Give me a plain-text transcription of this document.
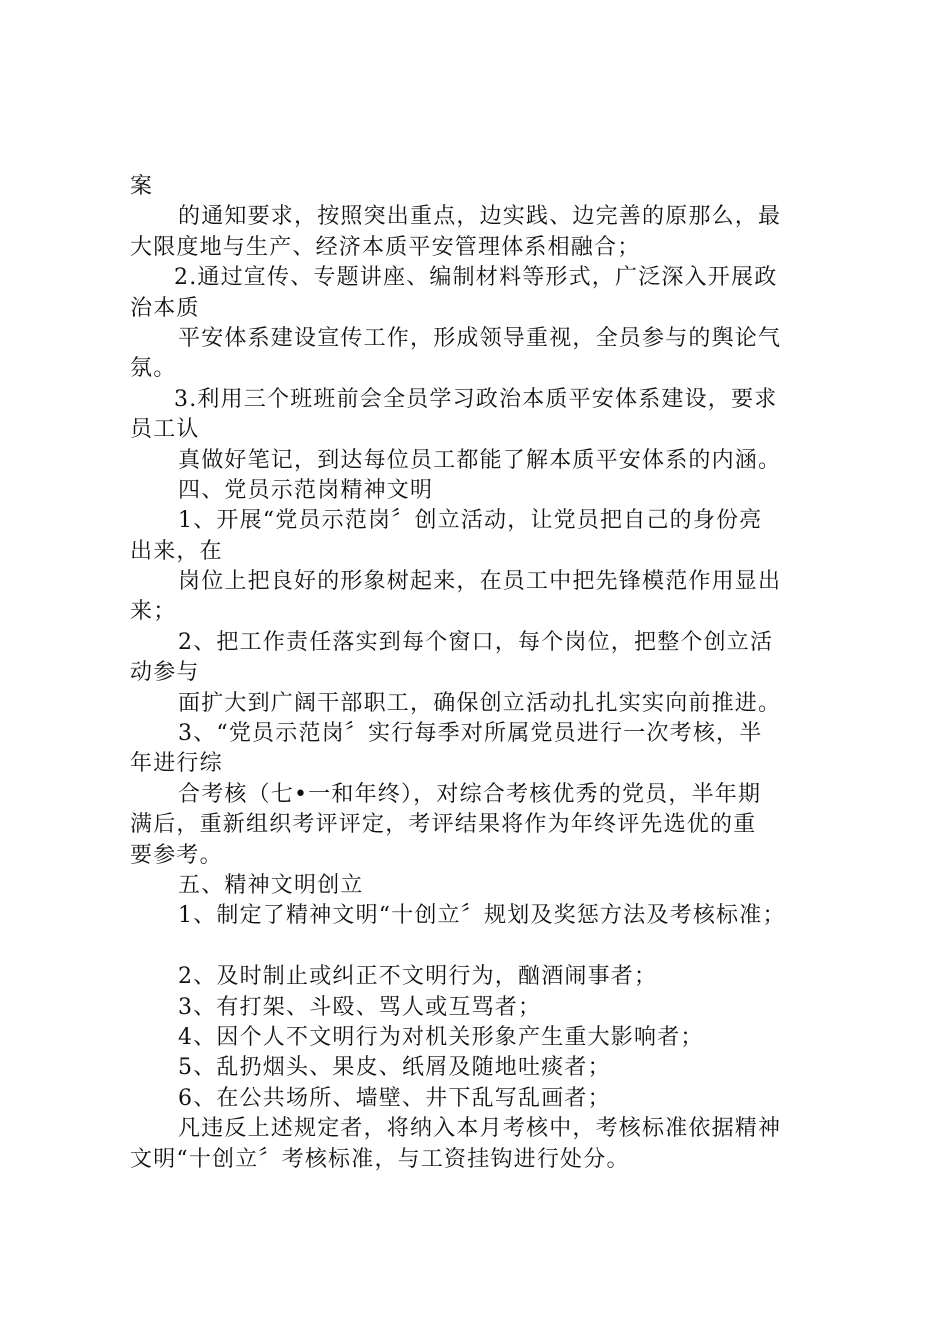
案
的通知要求，按照突出重点，边实践、边完善的原那么，最
大限度地与生产、经济本质平安管理体系相融合；
2.通过宣传、专题讲座、编制材料等形式，广泛深入开展政
治本质
平安体系建设宣传工作，形成领导重视，全员参与的舆论气
氛。
3.利用三个班班前会全员学习政治本质平安体系建设，要求
员工认
真做好笔记，到达每位员工都能了解本质平安体系的内涵。
四、党员示范岗精神文明
1、开展“党员示范岗〞创立活动，让党员把自己的身份亮
出来，在
岗位上把良好的形象树起来，在员工中把先锋模范作用显出
来；
2、把工作责任落实到每个窗口，每个岗位，把整个创立活
动参与
面扩大到广阔干部职工，确保创立活动扎扎实实向前推进。
3、“党员示范岗〞实行每季对所属党员进行一次考核，半
年进行综
合考核（七•一和年终），对综合考核优秀的党员，半年期
满后，重新组织考评评定，考评结果将作为年终评先选优的重
要参考。
五、精神文明创立
1、制定了精神文明“十创立〞规划及奖惩方法及考核标准；
2、及时制止或纠正不文明行为，酗酒闹事者；
3、有打架、斗殴、骂人或互骂者；
4、因个人不文明行为对机关形象产生重大影响者；
5、乱扔烟头、果皮、纸屑及随地吐痰者；
6、在公共场所、墙壁、井下乱写乱画者；
凡违反上述规定者，将纳入本月考核中，考核标准依据精神
文明“十创立〞考核标准，与工资挂钩进行处分。
